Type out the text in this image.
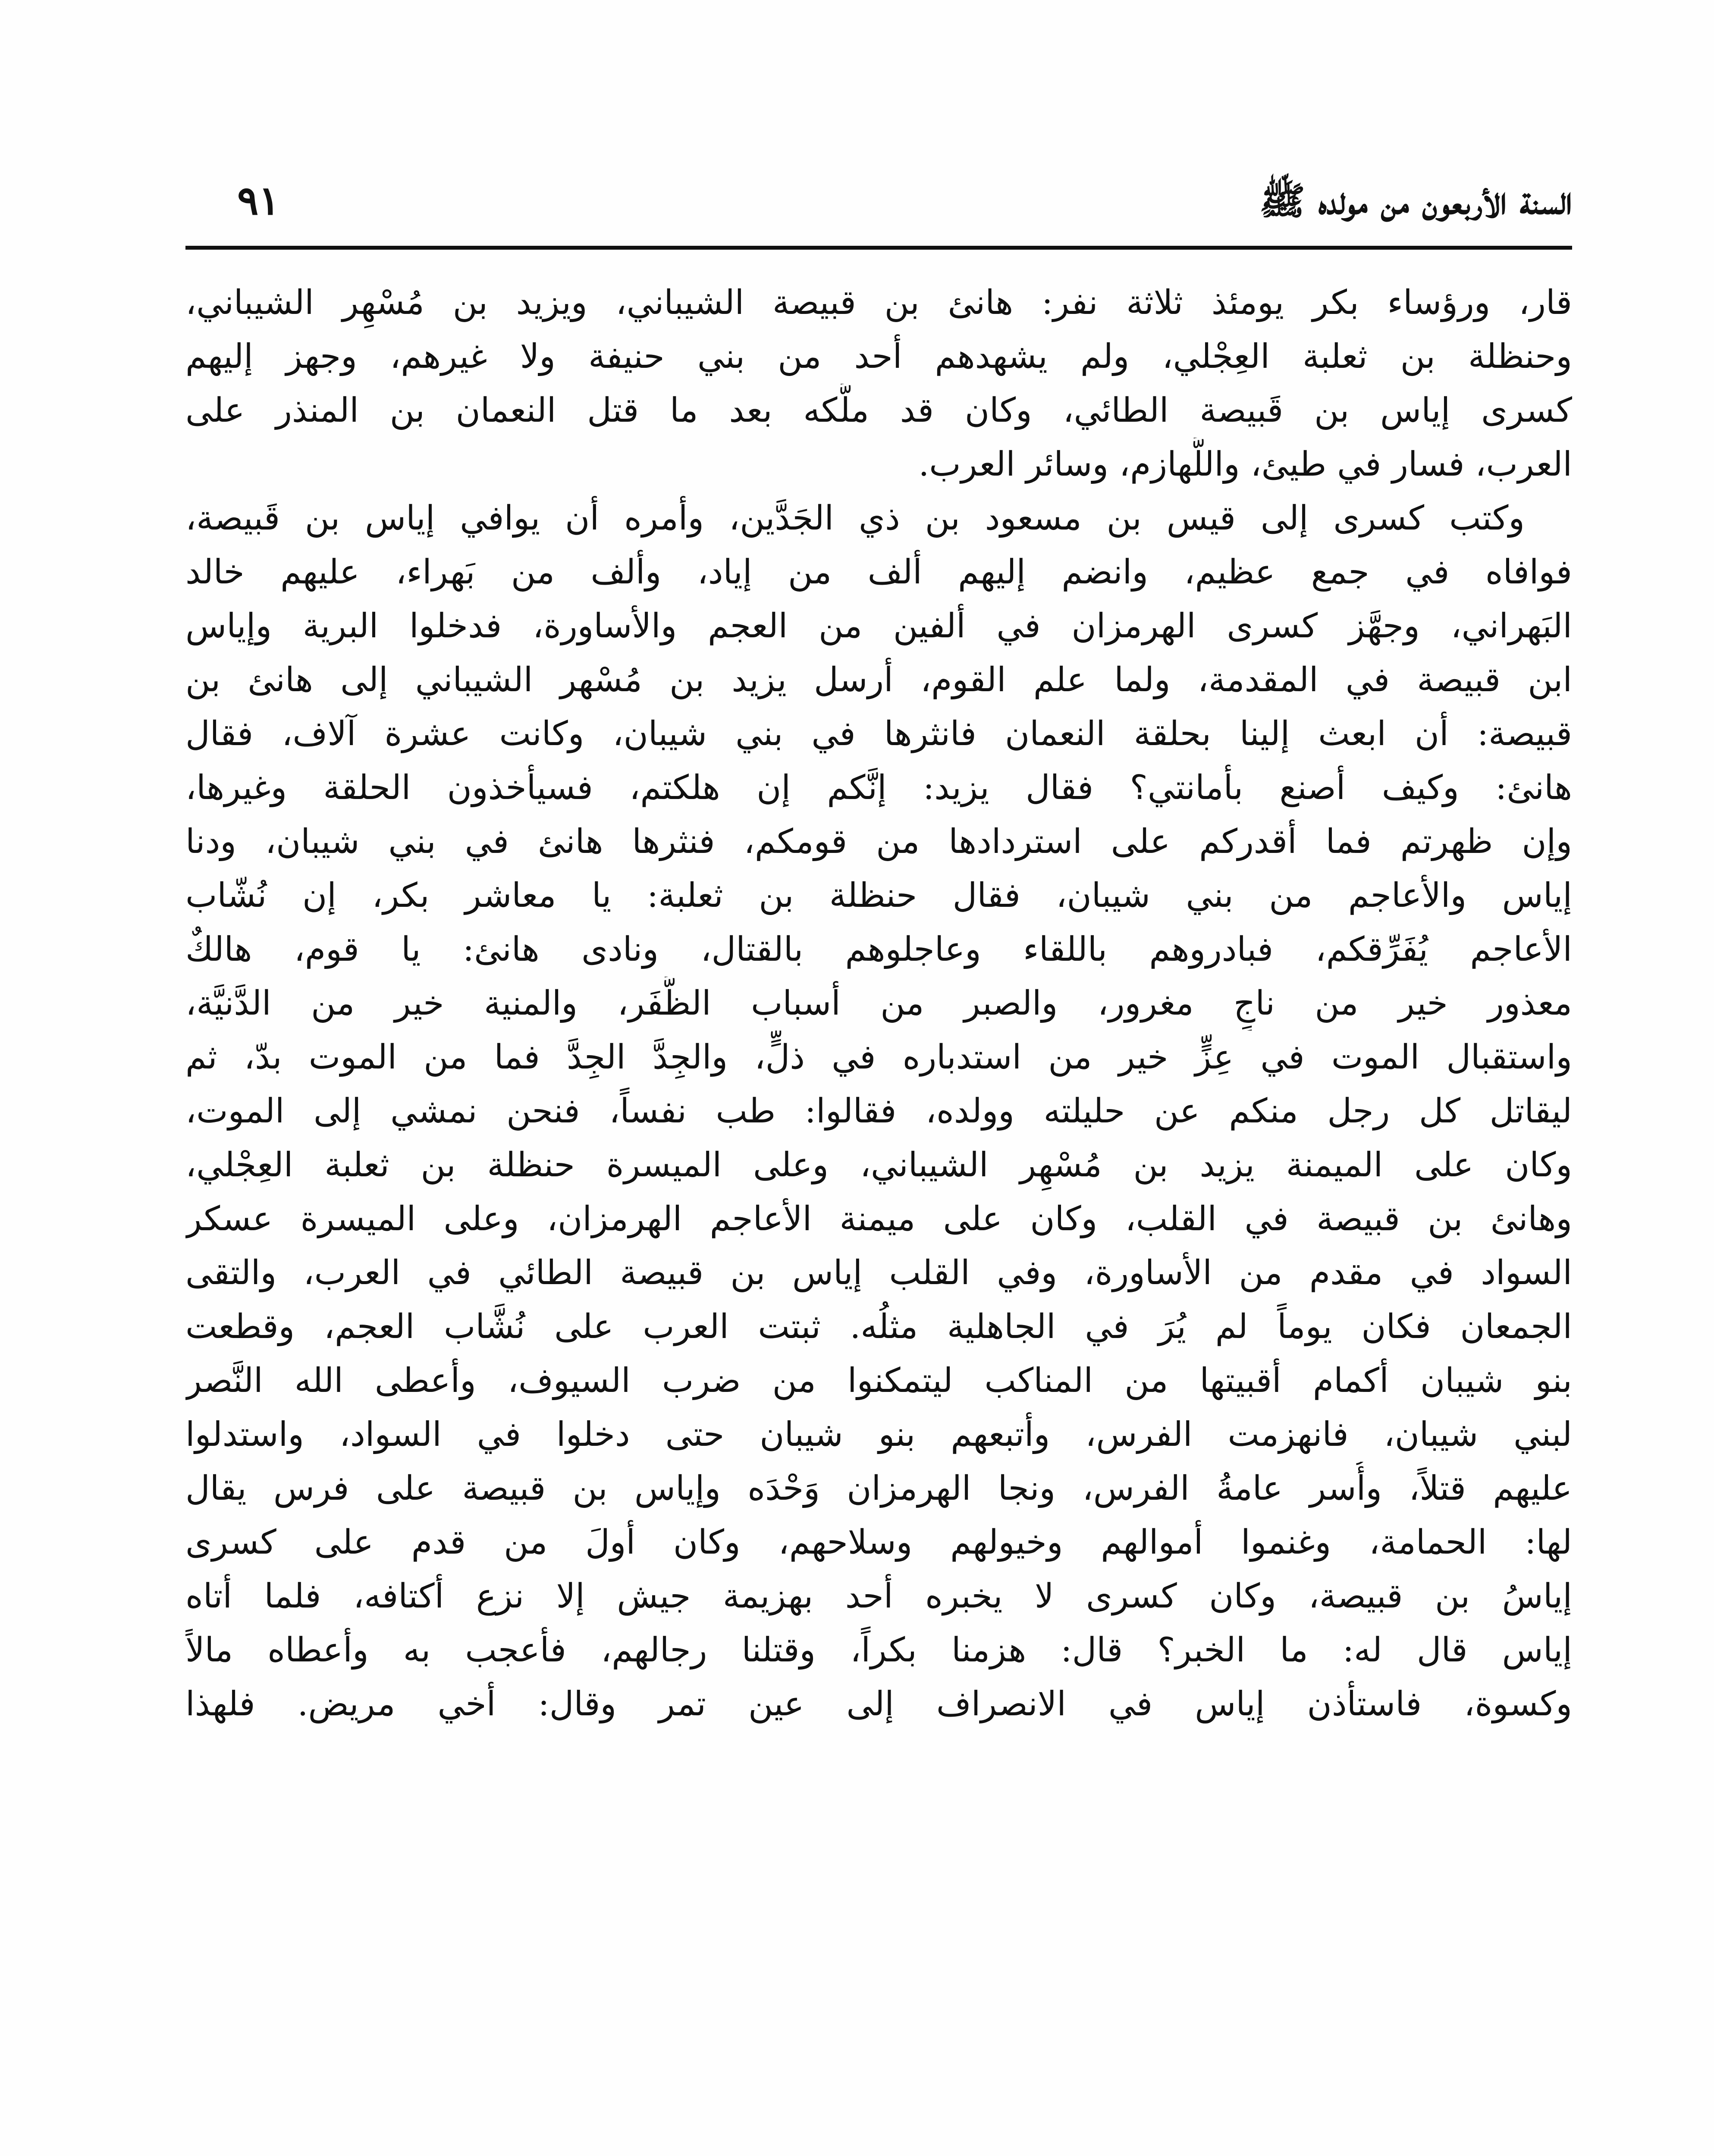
السنة الأربعون من مولده ﷺ
٩١
قار، ورؤساء بكر يومئذ ثلاثة نفر: هانئ بن قبيصة الشيباني، ويزيد بن مُسْهِر الشيباني،
وحنظلة بن ثعلبة العِجْلي، ولم يشهدهم أحد من بني حنيفة ولا غيرهم، وجهز إليهم
كسرى إياس بن قَبيصة الطائي، وكان قد ملَّكه بعد ما قتل النعمان بن المنذر على
العرب، فسار في طيئ، واللَّهازم، وسائر العرب.
وكتب كسرى إلى قيس بن مسعود بن ذي الجَدَّين، وأمره أن يوافي إياس بن قَبيصة،
فوافاه في جمع عظيم، وانضم إليهم ألف من إياد، وألف من بَهراء، عليهم خالد
البَهراني، وجهَّز كسرى الهرمزان في ألفين من العجم والأساورة، فدخلوا البرية وإياس
ابن قبيصة في المقدمة، ولما علم القوم، أرسل يزيد بن مُسْهر الشيباني إلى هانئ بن
قبيصة: أن ابعث إلينا بحلقة النعمان فانثرها في بني شيبان، وكانت عشرة آلاف، فقال
هانئ: وكيف أصنع بأمانتي؟ فقال يزيد: إنَّكم إن هلكتم، فسيأخذون الحلقة وغيرها،
وإن ظهرتم فما أقدركم على استردادها من قومكم، فنثرها هانئ في بني شيبان، ودنا
إياس والأعاجم من بني شيبان، فقال حنظلة بن ثعلبة: يا معاشر بكر، إن نُشّاب
الأعاجم يُفَرِّقكم، فبادروهم باللقاء وعاجلوهم بالقتال، ونادى هانئ: يا قوم، هالكٌ
معذور خير من ناجٍ مغرور، والصبر من أسباب الظَّفَر، والمنية خير من الدَّنيَّة،
واستقبال الموت في عِزٍّ خير من استدباره في ذلٍّ، والجِدَّ الجِدَّ فما من الموت بدّ، ثم
ليقاتل كل رجل منكم عن حليلته وولده، فقالوا: طب نفساً، فنحن نمشي إلى الموت،
وكان على الميمنة يزيد بن مُسْهِر الشيباني، وعلى الميسرة حنظلة بن ثعلبة العِجْلي،
وهانئ بن قبيصة في القلب، وكان على ميمنة الأعاجم الهرمزان، وعلى الميسرة عسكر
السواد في مقدم من الأساورة، وفي القلب إياس بن قبيصة الطائي في العرب، والتقى
الجمعان فكان يوماً لم يُرَ في الجاهلية مثلُه. ثبتت العرب على نُشَّاب العجم، وقطعت
بنو شيبان أكمام أقبيتها من المناكب ليتمكنوا من ضرب السيوف، وأعطى الله النَّصر
لبني شيبان، فانهزمت الفرس، وأتبعهم بنو شيبان حتى دخلوا في السواد، واستدلوا
عليهم قتلاً، وأُسر عامةُ الفرس، ونجا الهرمزان وَحْدَه وإياس بن قبيصة على فرس يقال
لها: الحمامة، وغنموا أموالهم وخيولهم وسلاحهم، وكان أولَ من قدم على كسرى
إياسُ بن قبيصة، وكان كسرى لا يخبره أحد بهزيمة جيش إلا نزع أكتافه، فلما أتاه
إياس قال له: ما الخبر؟ قال: هزمنا بكراً، وقتلنا رجالهم، فأعجب به وأعطاه مالاً
وكسوة، فاستأذن إياس في الانصراف إلى عين تمر وقال: أخي مريض. فلهذا
